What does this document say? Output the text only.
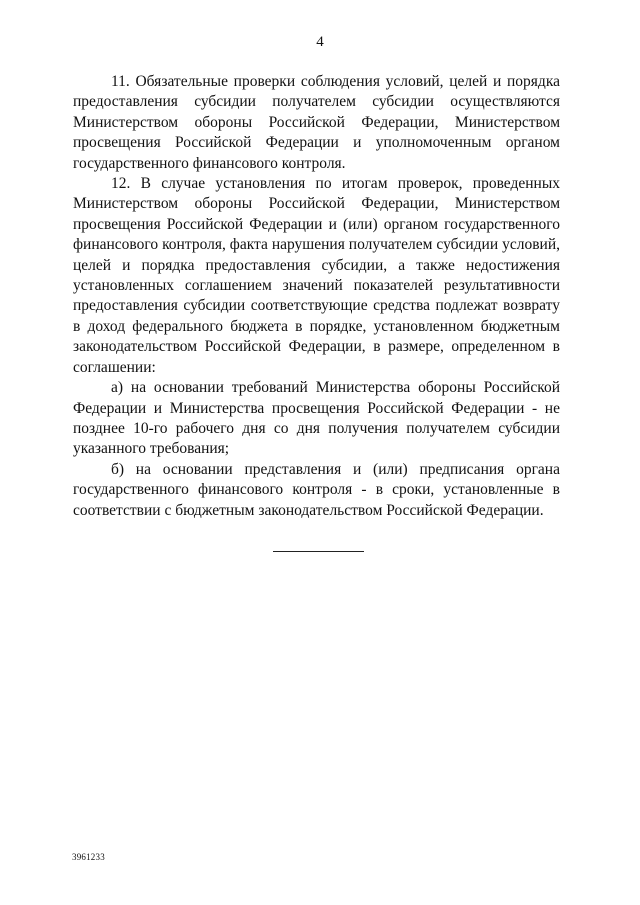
4

11. Обязательные проверки соблюдения условий, целей и порядка предоставления субсидии получателем субсидии осуществляются Министерством обороны Российской Федерации, Министерством просвещения Российской Федерации и уполномоченным органом государственного финансового контроля.

12. В случае установления по итогам проверок, проведенных Министерством обороны Российской Федерации, Министерством просвещения Российской Федерации и (или) органом государственного финансового контроля, факта нарушения получателем субсидии условий, целей и порядка предоставления субсидии, а также недостижения установленных соглашением значений показателей результативности предоставления субсидии соответствующие средства подлежат возврату в доход федерального бюджета в порядке, установленном бюджетным законодательством Российской Федерации, в размере, определенном в соглашении:

а) на основании требований Министерства обороны Российской Федерации и Министерства просвещения Российской Федерации - не позднее 10-го рабочего дня со дня получения получателем субсидии указанного требования;

б) на основании представления и (или) предписания органа государственного финансового контроля - в сроки, установленные в соответствии с бюджетным законодательством Российской Федерации.

3961233
